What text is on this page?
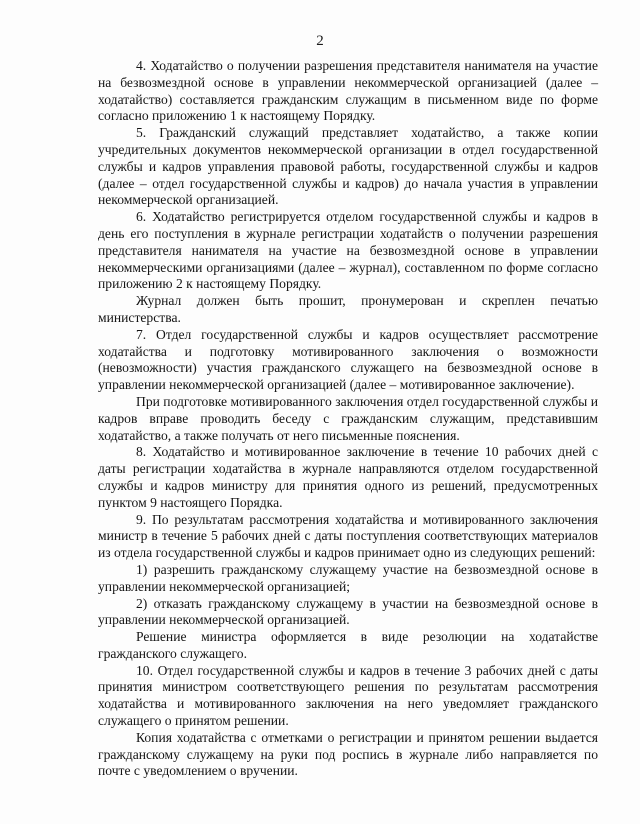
2

4. Ходатайство о получении разрешения представителя нанимателя на участие на безвозмездной основе в управлении некоммерческой организацией (далее – ходатайство) составляется гражданским служащим в письменном виде по форме согласно приложению 1 к настоящему Порядку.

5. Гражданский служащий представляет ходатайство, а также копии учредительных документов некоммерческой организации в отдел государственной службы и кадров управления правовой работы, государственной службы и кадров (далее – отдел государственной службы и кадров) до начала участия в управлении некоммерческой организацией.

6. Ходатайство регистрируется отделом государственной службы и кадров в день его поступления в журнале регистрации ходатайств о получении разрешения представителя нанимателя на участие на безвозмездной основе в управлении некоммерческими организациями (далее – журнал), составленном по форме согласно приложению 2 к настоящему Порядку.

Журнал должен быть прошит, пронумерован и скреплен печатью министерства.

7. Отдел государственной службы и кадров осуществляет рассмотрение ходатайства и подготовку мотивированного заключения о возможности (невозможности) участия гражданского служащего на безвозмездной основе в управлении некоммерческой организацией (далее – мотивированное заключение).

При подготовке мотивированного заключения отдел государственной службы и кадров вправе проводить беседу с гражданским служащим, представившим ходатайство, а также получать от него письменные пояснения.

8. Ходатайство и мотивированное заключение в течение 10 рабочих дней с даты регистрации ходатайства в журнале направляются отделом государственной службы и кадров министру для принятия одного из решений, предусмотренных пунктом 9 настоящего Порядка.

9. По результатам рассмотрения ходатайства и мотивированного заключения министр в течение 5 рабочих дней с даты поступления соответствующих материалов из отдела государственной службы и кадров принимает одно из следующих решений:

1) разрешить гражданскому служащему участие на безвозмездной основе в управлении некоммерческой организацией;

2) отказать гражданскому служащему в участии на безвозмездной основе в управлении некоммерческой организацией.

Решение министра оформляется в виде резолюции на ходатайстве гражданского служащего.

10. Отдел государственной службы и кадров в течение 3 рабочих дней с даты принятия министром соответствующего решения по результатам рассмотрения ходатайства и мотивированного заключения на него уведомляет гражданского служащего о принятом решении.

Копия ходатайства с отметками о регистрации и принятом решении выдается гражданскому служащему на руки под роспись в журнале либо направляется по почте с уведомлением о вручении.
